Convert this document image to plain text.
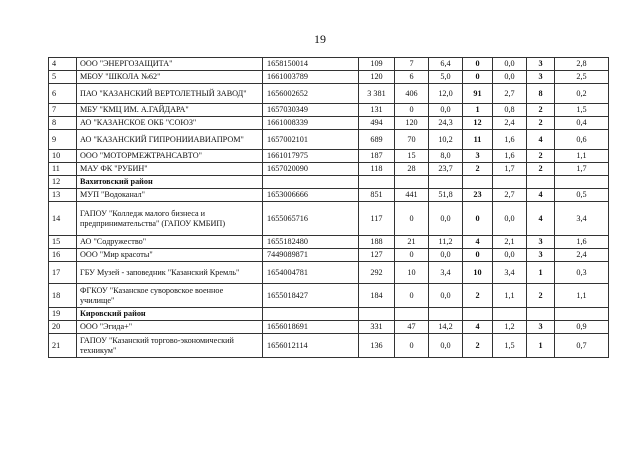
19
4	ООО "ЭНЕРГОЗАЩИТА"	1658150014	109	7	6,4	0	0,0	3	2,8
5	МБОУ "ШКОЛА №62"	1661003789	120	6	5,0	0	0,0	3	2,5
6	ПАО "КАЗАНСКИЙ ВЕРТОЛЕТНЫЙ ЗАВОД"	1656002652	3 381	406	12,0	91	2,7	8	0,2
7	МБУ "КМЦ ИМ. А.ГАЙДАРА"	1657030349	131	0	0,0	1	0,8	2	1,5
8	АО "КАЗАНСКОЕ ОКБ "СОЮЗ"	1661008339	494	120	24,3	12	2,4	2	0,4
9	АО "КАЗАНСКИЙ ГИПРОНИИАВИАПРОМ"	1657002101	689	70	10,2	11	1,6	4	0,6
10	ООО "МОТОРМЕЖТРАНСАВТО"	1661017975	187	15	8,0	3	1,6	2	1,1
11	МАУ ФК "РУБИН"	1657020090	118	28	23,7	2	1,7	2	1,7
12	Вахитовский район								
13	МУП "Водоканал"	1653006666	851	441	51,8	23	2,7	4	0,5
14	ГАПОУ "Колледж малого бизнеса и предпринимательства" (ГАПОУ КМБИП)	1655065716	117	0	0,0	0	0,0	4	3,4
15	АО "Содружество"	1655182480	188	21	11,2	4	2,1	3	1,6
16	ООО "Мир красоты"	7449089871	127	0	0,0	0	0,0	3	2,4
17	ГБУ Музей - заповедник "Казанский Кремль"	1654004781	292	10	3,4	10	3,4	1	0,3
18	ФГКОУ "Казанское суворовское военное училище"	1655018427	184	0	0,0	2	1,1	2	1,1
19	Кировский район								
20	ООО "Эгида+"	1656018691	331	47	14,2	4	1,2	3	0,9
21	ГАПОУ "Казанский торгово-экономический техникум"	1656012114	136	0	0,0	2	1,5	1	0,7
